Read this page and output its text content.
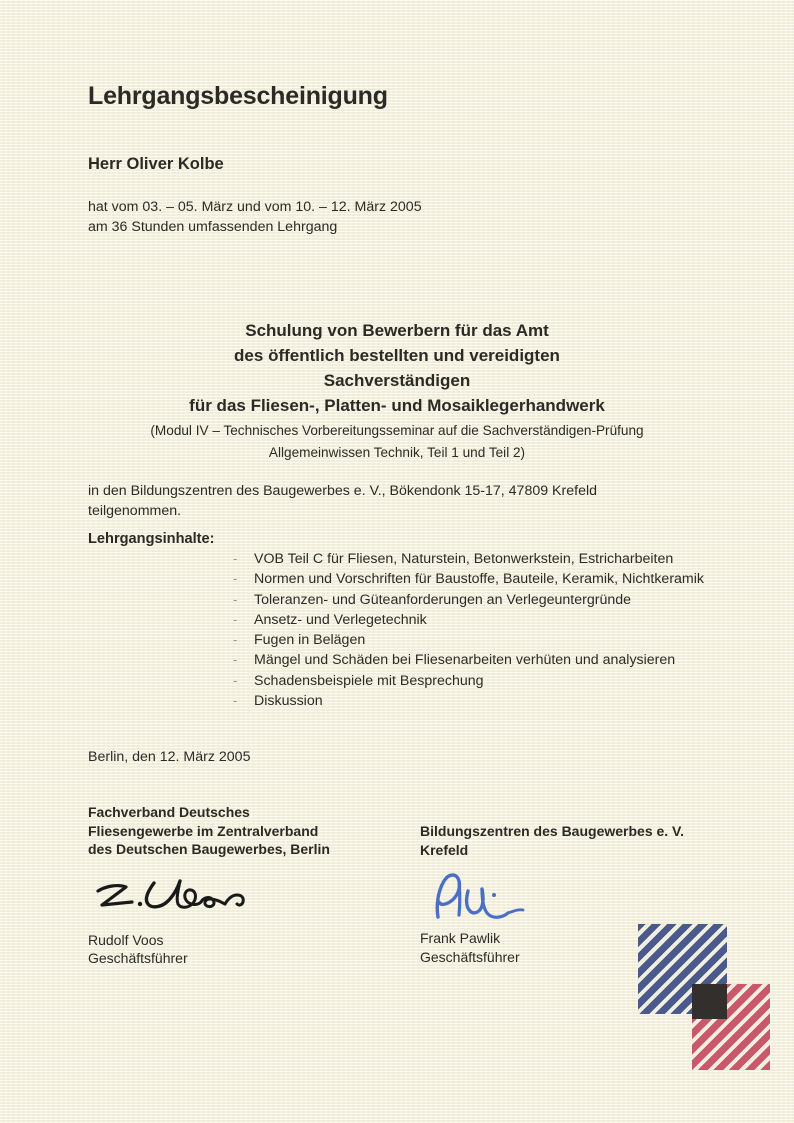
Lehrgangsbescheinigung
Herr Oliver Kolbe
hat vom 03. – 05. März und vom 10. – 12. März 2005
am 36 Stunden umfassenden Lehrgang
Schulung von Bewerbern für das Amt
des öffentlich bestellten und vereidigten
Sachverständigen
für das Fliesen-, Platten- und Mosaiklegerhandwerk
(Modul IV – Technisches Vorbereitungsseminar auf die Sachverständigen-Prüfung
Allgemeinwissen Technik, Teil 1 und Teil 2)
in den Bildungszentren des Baugewerbes e. V., Bökendonk 15-17, 47809 Krefeld
teilgenommen.
Lehrgangsinhalte:
- VOB Teil C für Fliesen, Naturstein, Betonwerkstein, Estricharbeiten
- Normen und Vorschriften für Baustoffe, Bauteile, Keramik, Nichtkeramik
- Toleranzen- und Güteanforderungen an Verlegeuntergründe
- Ansetz- und Verlegetechnik
- Fugen in Belägen
- Mängel und Schäden bei Fliesenarbeiten verhüten und analysieren
- Schadensbeispiele mit Besprechung
- Diskussion
Berlin, den 12. März 2005
Fachverband Deutsches
Fliesengewerbe im Zentralverband
des Deutschen Baugewerbes, Berlin
Rudolf Voos
Geschäftsführer
Bildungszentren des Baugewerbes e. V.
Krefeld
Frank Pawlik
Geschäftsführer
